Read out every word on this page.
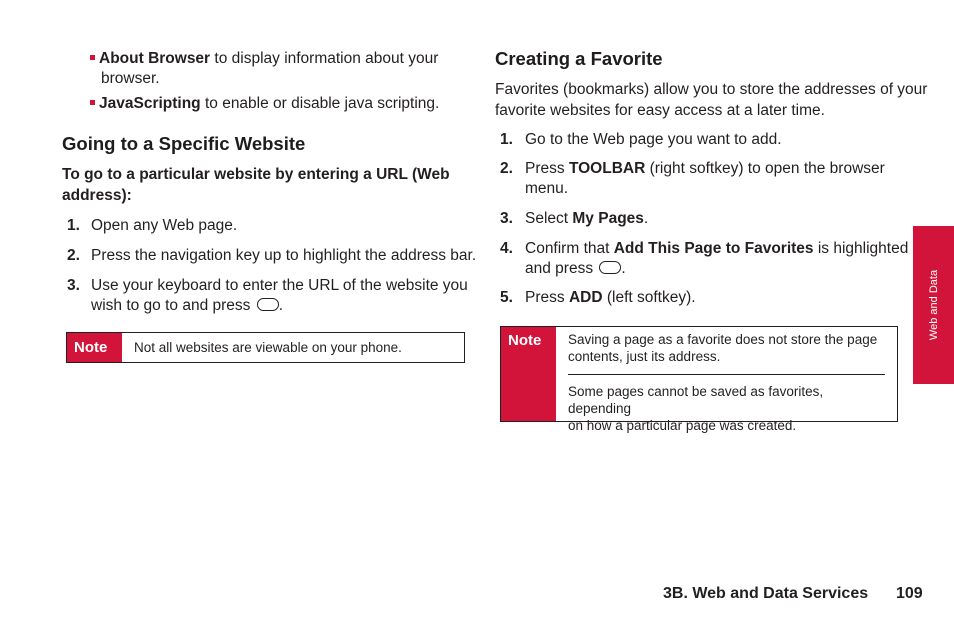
About Browser to display information about your
browser.
JavaScripting to enable or disable java scripting.
Going to a Specific Website
To go to a particular website by entering a URL (Web
address):
1. Open any Web page.
2. Press the navigation key up to highlight the address bar.
3. Use your keyboard to enter the URL of the website you
wish to go to and press .
Note	Not all websites are viewable on your phone.
Creating a Favorite
Favorites (bookmarks) allow you to store the addresses of your
favorite websites for easy access at a later time.
1. Go to the Web page you want to add.
2. Press TOOLBAR (right softkey) to open the browser
menu.
3. Select My Pages.
4. Confirm that Add This Page to Favorites is highlighted
and press .
5. Press ADD (left softkey).
Note	Saving a page as a favorite does not store the page
contents, just its address.
Some pages cannot be saved as favorites, depending
on how a particular page was created.
Web and Data
3B. Web and Data Services 109
